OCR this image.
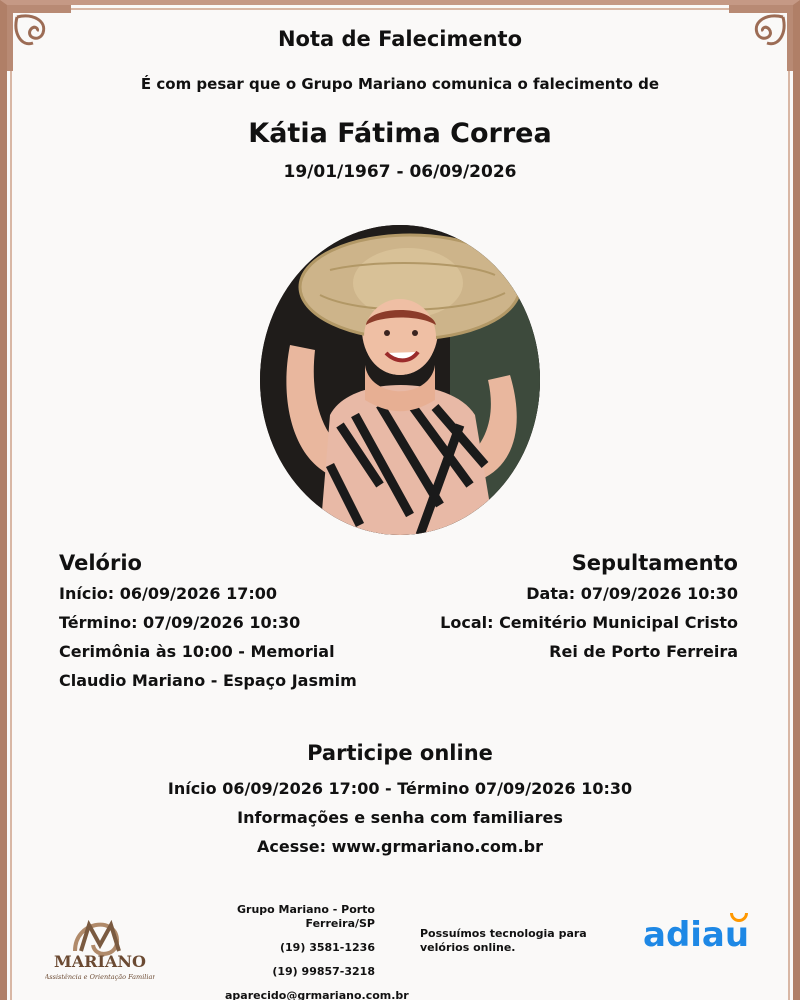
Nota de Falecimento
É com pesar que o Grupo Mariano comunica o falecimento de
Kátia Fátima Correa
19/01/1967 - 06/09/2026
Velório
Início: 06/09/2026 17:00
Término: 07/09/2026 10:30
Cerimônia às 10:00 - Memorial
Claudio Mariano - Espaço Jasmim
Sepultamento
Data: 07/09/2026 10:30
Local: Cemitério Municipal Cristo
Rei de Porto Ferreira
Participe online
Início 06/09/2026 17:00 - Término 07/09/2026 10:30
Informações e senha com familiares
Acesse: www.grmariano.com.br
MARIANO
Assistência e Orientação Familiar
Grupo Mariano - Porto
Ferreira/SP
(19) 3581-1236
(19) 99857-3218
aparecido@grmariano.com.br
Possuímos tecnologia para
velórios online.	adiau
